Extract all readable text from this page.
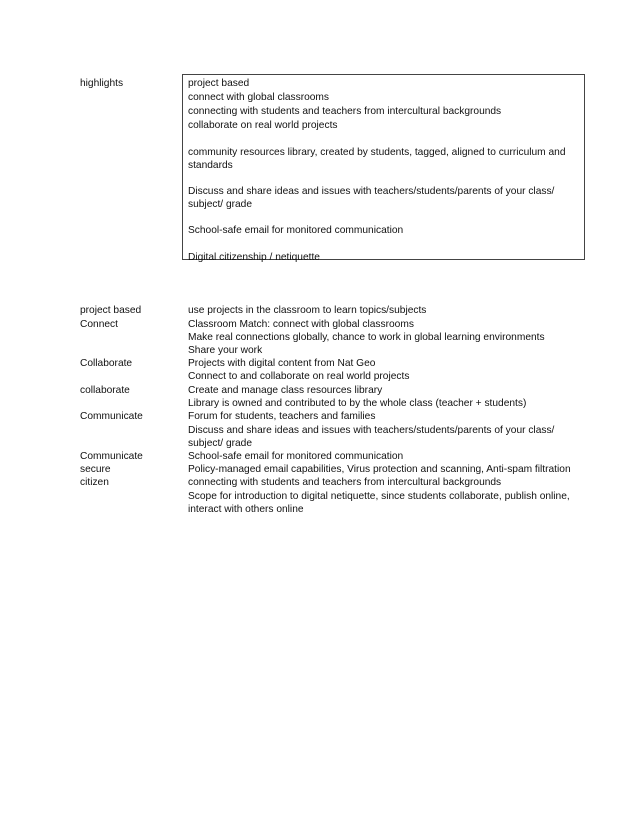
highlights	project based
connect with global classrooms
connecting with students and teachers from intercultural backgrounds
collaborate on real world projects
community resources library, created by students, tagged, aligned to curriculum and
standards
Discuss and share ideas and issues with teachers/students/parents of your class/
subject/ grade
School-safe email for monitored communication
Digital citizenship / netiquette
project based
Connect
Collaborate
collaborate
Communicate
Communicate
secure
citizen
use projects in the classroom to learn topics/subjects
Classroom Match: connect with global classrooms
Make real connections globally, chance to work in global learning environments
Share your work
Projects with digital content from Nat Geo
Connect to and collaborate on real world projects
Create and manage class resources library
Library is owned and contributed to by the whole class (teacher + students)
Forum for students, teachers and families
Discuss and share ideas and issues with teachers/students/parents of your class/
subject/ grade
School-safe email for monitored communication
Policy-managed email capabilities, Virus protection and scanning, Anti-spam filtration
connecting with students and teachers from intercultural backgrounds
Scope for introduction to digital netiquette, since students collaborate, publish online,
interact with others online
